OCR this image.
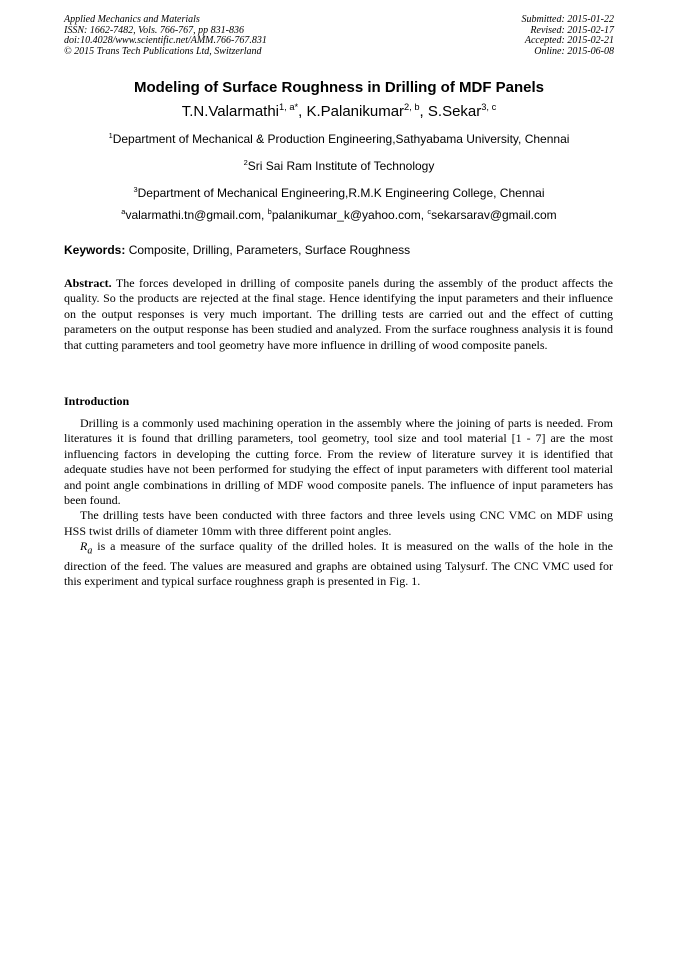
Applied Mechanics and Materials
ISSN: 1662-7482, Vols. 766-767, pp 831-836
doi:10.4028/www.scientific.net/AMM.766-767.831
© 2015 Trans Tech Publications Ltd, Switzerland
Submitted: 2015-01-22
Revised: 2015-02-17
Accepted: 2015-02-21
Online: 2015-06-08
Modeling of Surface Roughness in Drilling of MDF Panels
T.N.Valarmathi$^{1, a*}$, K.Palanikumar$^{2, b}$, S.Sekar$^{3, c}$
$^1$Department of Mechanical & Production Engineering,Sathyabama University, Chennai
$^2$Sri Sai Ram Institute of Technology
$^3$Department of Mechanical Engineering,R.M.K Engineering College, Chennai
$^a$valarmathi.tn@gmail.com, $^b$palanikumar_k@yahoo.com, $^c$sekarsarav@gmail.com
Keywords: Composite, Drilling, Parameters, Surface Roughness
Abstract. The forces developed in drilling of composite panels during the assembly of the product affects the quality. So the products are rejected at the final stage. Hence identifying the input parameters and their influence on the output responses is very much important. The drilling tests are carried out and the effect of cutting parameters on the output response has been studied and analyzed. From the surface roughness analysis it is found that cutting parameters and tool geometry have more influence in drilling of wood composite panels.
Introduction

Drilling is a commonly used machining operation in the assembly where the joining of parts is needed. From literatures it is found that drilling parameters, tool geometry, tool size and tool material [1 - 7] are the most influencing factors in developing the cutting force. From the review of literature survey it is identified that adequate studies have not been performed for studying the effect of input parameters with different tool material and point angle combinations in drilling of MDF wood composite panels. The influence of input parameters has been found.

The drilling tests have been conducted with three factors and three levels using CNC VMC on MDF using HSS twist drills of diameter 10mm with three different point angles.

$R_a$ is a measure of the surface quality of the drilled holes. It is measured on the walls of the hole in the direction of the feed. The values are measured and graphs are obtained using Talysurf. The CNC VMC used for this experiment and typical surface roughness graph is presented in Fig. 1.
